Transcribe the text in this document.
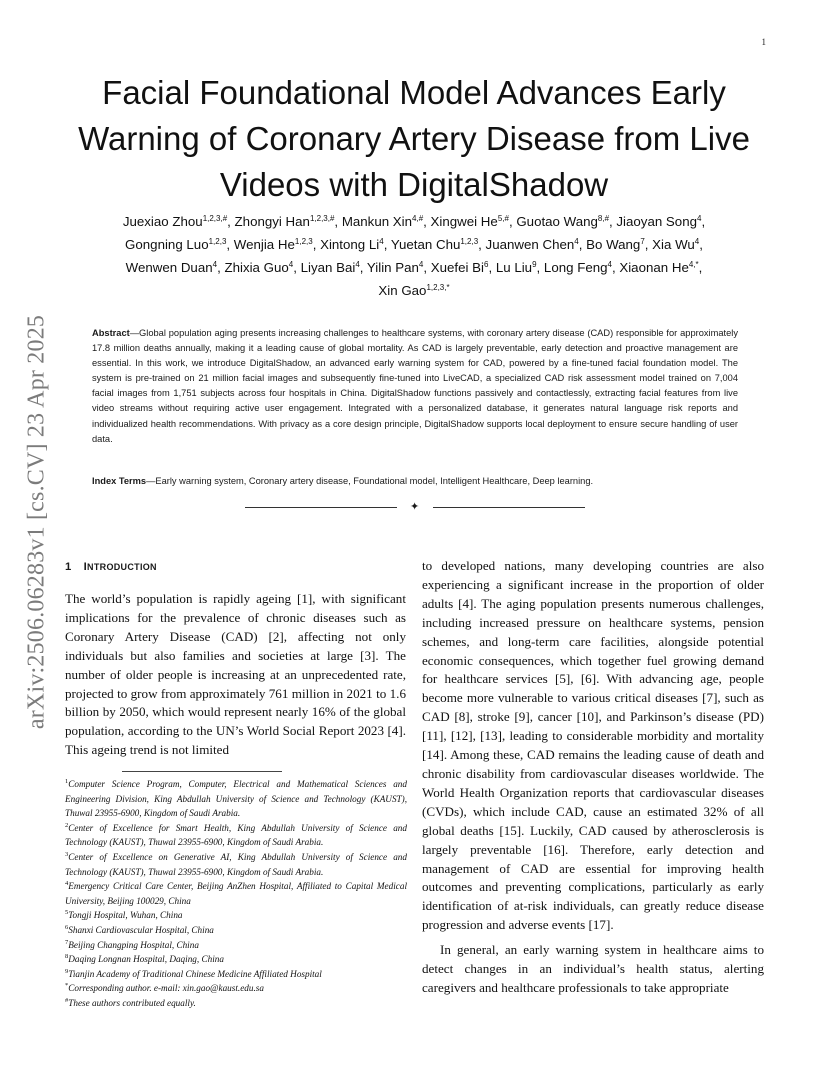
1
arXiv:2506.06283v1 [cs.CV] 23 Apr 2025
Facial Foundational Model Advances Early
Warning of Coronary Artery Disease from Live
Videos with DigitalShadow
Juexiao Zhou$^{1,2,3,\#}$, Zhongyi Han$^{1,2,3,\#}$, Mankun Xin$^{4,\#}$, Xingwei $He^{5,\#}$, Guotao Wang$^{8,\#}$, Jiaoyan Song$^4$,
Gongning Luo$^{1,2,3}$, Wenjia He$^{1,2,3}$, Xintong Li$^4$, Yuetan Chu$^{1,2,3}$, Juanwen Chen$^4$, Bo Wang$^7$, Xia Wu$^4$,
Wenwen Duan$^4$, Zhixia Guo$^4$, Liyan Bai$^4$, Yilin Pan$^4$, Xuefei Bi$^6$, Lu Liu$^9$, Long Feng$^4$, Xiaonan $He^{4,*}$,
Xin Gao$^{1,2,3,*}$
Abstract—Global population aging presents increasing challenges to healthcare systems, with coronary artery disease (CAD) responsible for approximately 17.8 million deaths annually, making it a leading cause of global mortality. As CAD is largely preventable, early detection and proactive management are essential. In this work, we introduce DigitalShadow, an advanced early warning system for CAD, powered by a fine-tuned facial foundation model. The system is pre-trained on 21 million facial images and subsequently fine-tuned into LiveCAD, a specialized CAD risk assessment model trained on 7,004 facial images from 1,751 subjects across four hospitals in China. DigitalShadow functions passively and contactlessly, extracting facial features from live video streams without requiring active user engagement. Integrated with a personalized database, it generates natural language risk reports and individualized health recommendations. With privacy as a core design principle, DigitalShadow supports local deployment to ensure secure handling of user data.
Index Terms—Early warning system, Coronary artery disease, Foundational model, Intelligent Healthcare, Deep learning.
✦
1 INTRODUCTION

The world’s population is rapidly ageing [1], with significant implications for the prevalence of chronic diseases such as Coronary Artery Disease (CAD) [2], affecting not only individuals but also families and societies at large [3]. The number of older people is increasing at an unprecedented rate, projected to grow from approximately 761 million in 2021 to 1.6 billion by 2050, which would represent nearly 16% of the global population, according to the UN’s World Social Report 2023 [4]. This ageing trend is not limited

to developed nations, many developing countries are also experiencing a significant increase in the proportion of older adults [4]. The aging population presents numerous challenges, including increased pressure on healthcare systems, pension schemes, and long-term care facilities, alongside potential economic consequences, which together fuel growing demand for healthcare services [5], [6]. With advancing age, people become more vulnerable to various critical diseases [7], such as CAD [8], stroke [9], cancer [10], and Parkinson’s disease (PD) [11], [12], [13], leading to considerable morbidity and mortality [14]. Among these, CAD remains the leading cause of death and chronic disability from cardiovascular diseases worldwide. The World Health Organization reports that cardiovascular diseases (CVDs), which include CAD, cause an estimated 32% of all global deaths [15]. Luckily, CAD caused by atherosclerosis is largely preventable [16]. Therefore, early detection and management of CAD are essential for improving health outcomes and preventing complications, particularly as early identification of at-risk individuals, can greatly reduce disease progression and adverse events [17].

In general, an early warning system in healthcare aims to detect changes in an individual’s health status, alerting caregivers and healthcare professionals to take appropriate

$^1$Computer Science Program, Computer, Electrical and Mathematical Sciences and Engineering Division, King Abdullah University of Science and Technology (KAUST), Thuwal 23955-6900, Kingdom of Saudi Arabia.

$^2$Center of Excellence for Smart Health, King Abdullah University of Science and Technology (KAUST), Thuwal 23955-6900, Kingdom of Saudi Arabia.

$^3$Center of Excellence on Generative AI, King Abdullah University of Science and Technology (KAUST), Thuwal 23955-6900, Kingdom of Saudi Arabia.

$^4$Emergency Critical Care Center, Beijing AnZhen Hospital, Affiliated to Capital Medical University, Beijing 100029, China

$^5$Tongji Hospital, Wuhan, China

$^6$Shanxi Cardiovascular Hospital, China

$^7$Beijing Changping Hospital, China

$^8$Daqing Longnan Hospital, Daqing, China

$^9$Tianjin Academy of Traditional Chinese Medicine Affiliated Hospital

*Corresponding author. e-mail: xin.gao@kaust.edu.sa

#These authors contributed equally.
